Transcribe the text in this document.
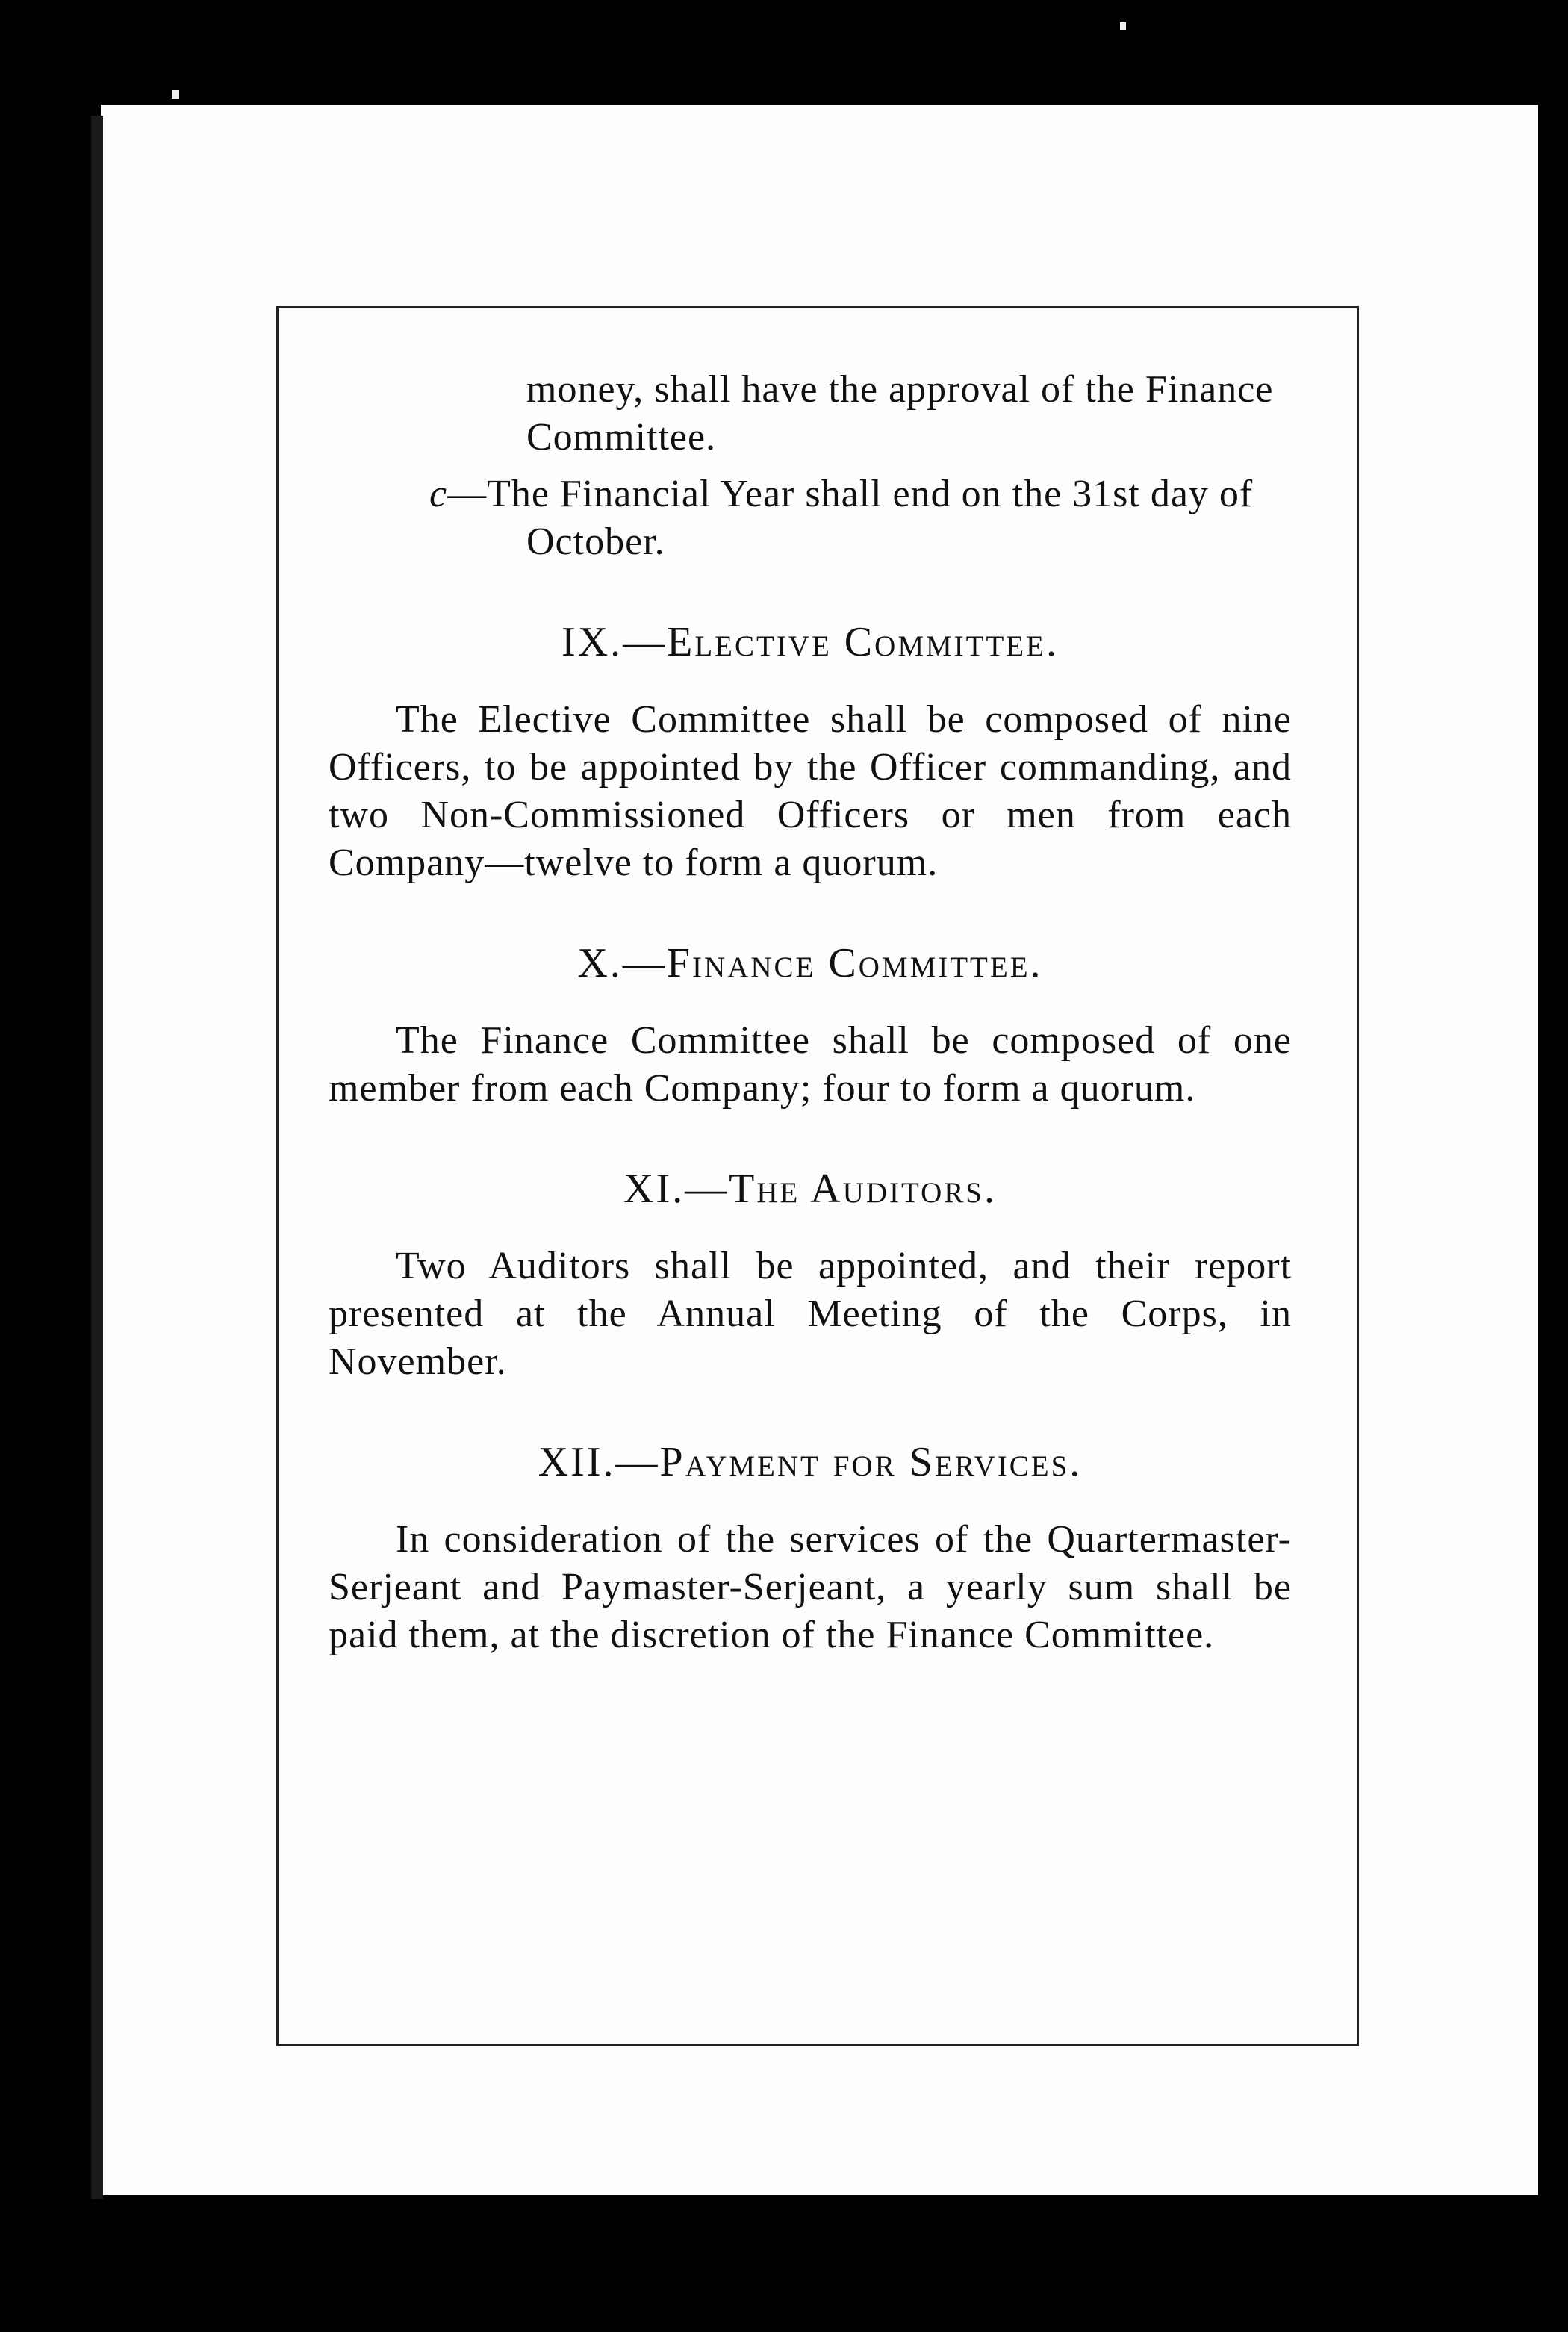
money, shall have the approval of the Finance Committee.

c—The Financial Year shall end on the 31st day of October.

IX.—Elective Committee.

The Elective Committee shall be composed of nine Officers, to be appointed by the Officer commanding, and two Non-Commissioned Officers or men from each Company—twelve to form a quorum.

X.—Finance Committee.

The Finance Committee shall be composed of one member from each Company; four to form a quorum.

XI.—The Auditors.

Two Auditors shall be appointed, and their report presented at the Annual Meeting of the Corps, in November.

XII.—Payment for Services.

In consideration of the services of the Quartermaster-Serjeant and Paymaster-Serjeant, a yearly sum shall be paid them, at the discretion of the Finance Committee.
